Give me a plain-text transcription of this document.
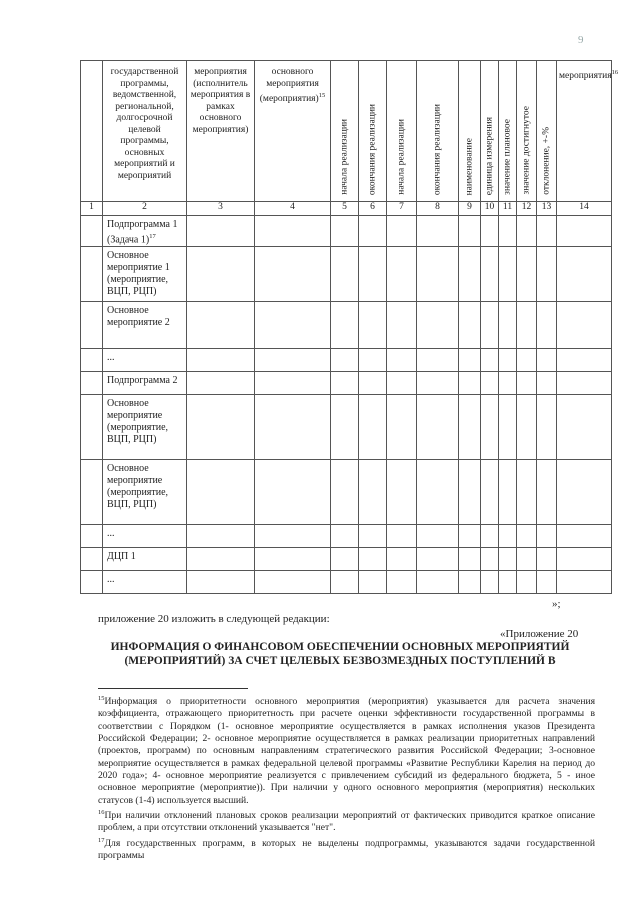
9

	государственной программы, ведомственной, региональной, долгосрочной целевой программы, основных мероприятий и мероприятий	мероприятия (исполнитель мероприятия в рамках основного мероприятия)	основного мероприятия (мероприятия)$^{15}$	начала реализации	окончания реализации	начала реализации	окончания реализации	наименование	единица измерения	значение плановое	значение достигнутое	отклонение, +-%	мероприятия$^{16}$

1	2	3	4	5	6	7	8	9	10	11	12	13	14

	Подпрограмма 1 (Задача 1)$^{17}$

	Основное мероприятие 1 (мероприятие, ВЦП, РЦП)												

	Основное мероприятие 2												

	...												

	Подпрограмма 2												

	Основное мероприятие (мероприятие, ВЦП, РЦП)												

	Основное мероприятие (мероприятие, ВЦП, РЦП)												

	...												

	ДЦП 1												

	...												

»;
приложение 20 изложить в следующей редакции:
«Приложение 20
ИНФОРМАЦИЯ О ФИНАНСОВОМ ОБЕСПЕЧЕНИИ ОСНОВНЫХ МЕРОПРИЯТИЙ (МЕРОПРИЯТИЙ) ЗА СЧЕТ ЦЕЛЕВЫХ БЕЗВОЗМЕЗДНЫХ ПОСТУПЛЕНИЙ В

$^{15}$Информация о приоритетности основного мероприятия (мероприятия) указывается для расчета значения коэффициента, отражающего приоритетность при расчете оценки эффективности государственной программы в соответствии с Порядком (1- основное мероприятие осуществляется в рамках исполнения указов Президента Российской Федерации; 2- основное мероприятие осуществляется в рамках реализации приоритетных направлений (проектов, программ) по основным направлениям стратегического развития Российской Федерации; 3-основное мероприятие осуществляется в рамках федеральной целевой программы «Развитие Республики Карелия на период до 2020 года»; 4- основное мероприятие реализуется с привлечением субсидий из федерального бюджета, 5 - иное основное мероприятие (мероприятие)). При наличии у одного основного мероприятия (мероприятия) нескольких статусов (1-4) используется высший.

$^{16}$При наличии отклонений плановых сроков реализации мероприятий от фактических приводится краткое описание проблем, а при отсутствии отклонений указывается "нет".

$^{17}$Для государственных программ, в которых не выделены подпрограммы, указываются задачи государственной программы
